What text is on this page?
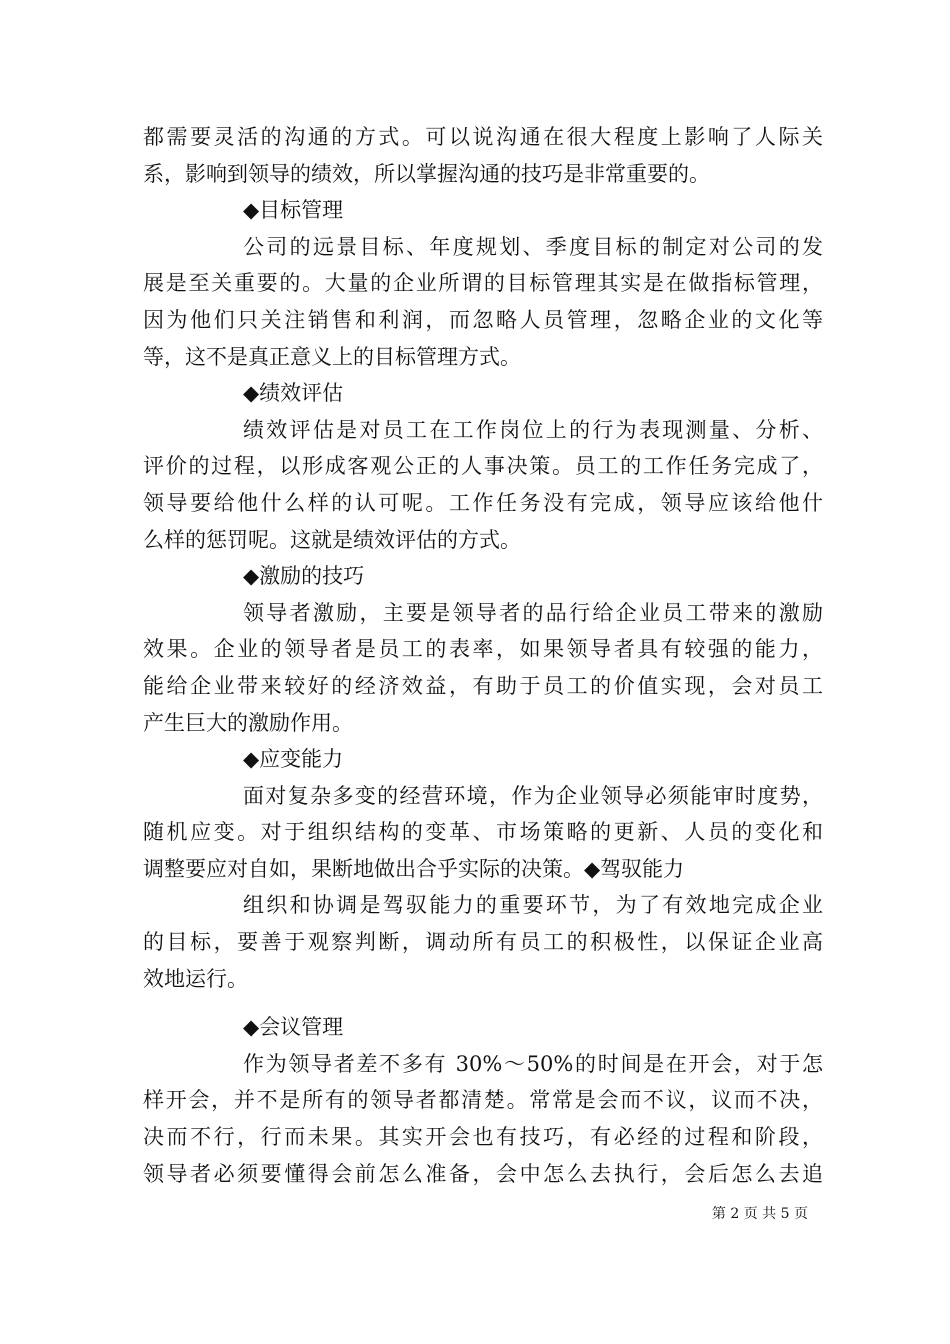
都需要灵活的沟通的方式。可以说沟通在很大程度上影响了人际关
系，影响到领导的绩效，所以掌握沟通的技巧是非常重要的。
◆目标管理
公司的远景目标、年度规划、季度目标的制定对公司的发
展是至关重要的。大量的企业所谓的目标管理其实是在做指标管理，
因为他们只关注销售和利润，而忽略人员管理，忽略企业的文化等
等，这不是真正意义上的目标管理方式。
◆绩效评估
绩效评估是对员工在工作岗位上的行为表现测量、分析、
评价的过程，以形成客观公正的人事决策。员工的工作任务完成了，
领导要给他什么样的认可呢。工作任务没有完成，领导应该给他什
么样的惩罚呢。这就是绩效评估的方式。
◆激励的技巧
领导者激励，主要是领导者的品行给企业员工带来的激励
效果。企业的领导者是员工的表率，如果领导者具有较强的能力，
能给企业带来较好的经济效益，有助于员工的价值实现，会对员工
产生巨大的激励作用。
◆应变能力
面对复杂多变的经营环境，作为企业领导必须能审时度势，
随机应变。对于组织结构的变革、市场策略的更新、人员的变化和
调整要应对自如，果断地做出合乎实际的决策。◆驾驭能力
组织和协调是驾驭能力的重要环节，为了有效地完成企业
的目标，要善于观察判断，调动所有员工的积极性，以保证企业高
效地运行。
◆会议管理
作为领导者差不多有 30%～50%的时间是在开会，对于怎
样开会，并不是所有的领导者都清楚。常常是会而不议，议而不决，
决而不行，行而未果。其实开会也有技巧，有必经的过程和阶段，
领导者必须要懂得会前怎么准备，会中怎么去执行，会后怎么去追
第 2 页 共 5 页
